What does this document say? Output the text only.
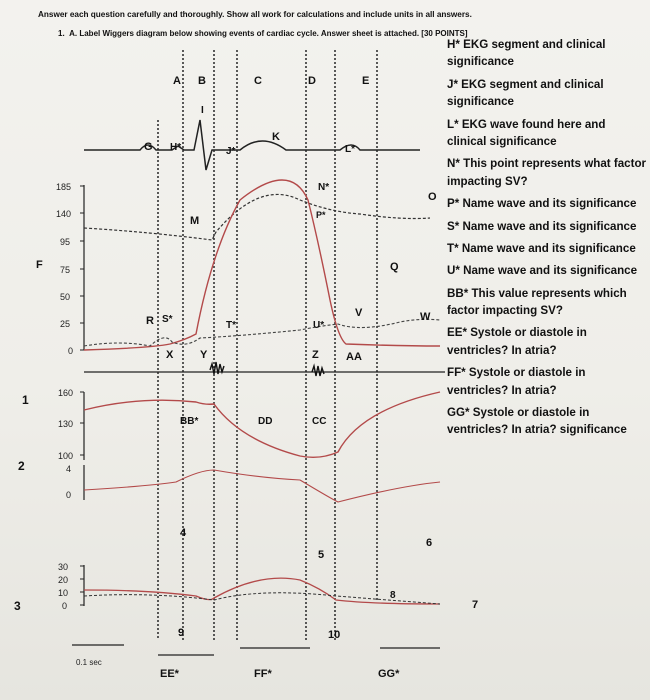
Answer each question carefully and thoroughly. Show all work for calculations and include units in all answers.
1. A. Label Wiggers diagram below showing events of cardiac cycle. Answer sheet is attached. [30 POINTS]
185
140
95
75
50
25
0
160
130
100
4
0
30
20
10
0
A B	C	D	E
G H*
I
J*
K
L*
M
N*
O
P*
Q
R S*
T*	U*
V	W
X Y	Z AA
BB*	CC
DD
4
5
6
7
8
9	10
F
1
2
3
EE*	FF*	GG*
0.1 sec
H* EKG segment and clinical significance
J* EKG segment and clinical significance
L* EKG wave found here and clinical significance
N* This point represents what factor impacting SV?
P* Name wave and its significance
S* Name wave and its significance
T* Name wave and its significance
U* Name wave and its significance
BB* This value represents which factor impacting SV?
EE* Systole or diastole in ventricles? In atria?
FF* Systole or diastole in ventricles? In atria?
GG* Systole or diastole in ventricles? In atria? significance
